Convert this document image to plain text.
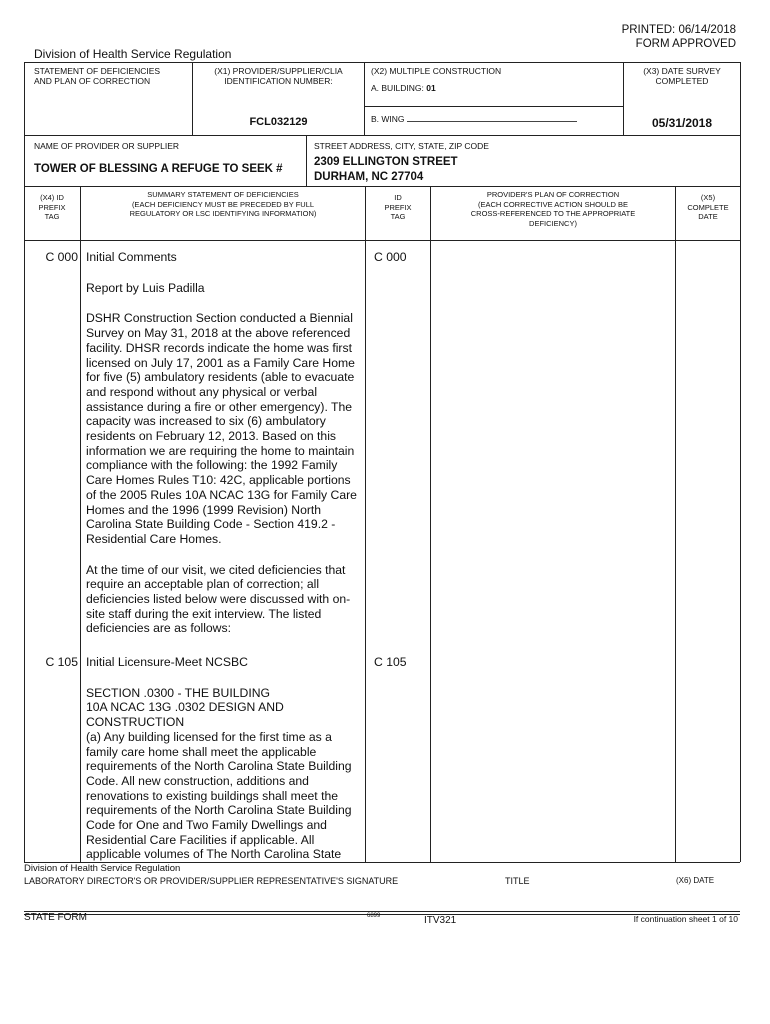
PRINTED: 06/14/2018
FORM APPROVED
Division of Health Service Regulation
STATEMENT OF DEFICIENCIES
AND PLAN OF CORRECTION
(X1) PROVIDER/SUPPLIER/CLIA
IDENTIFICATION NUMBER:
FCL032129
(X2) MULTIPLE CONSTRUCTION
A. BUILDING: 01
B. WING
(X3) DATE SURVEY
COMPLETED
05/31/2018
NAME OF PROVIDER OR SUPPLIER
TOWER OF BLESSING A REFUGE TO SEEK #
STREET ADDRESS, CITY, STATE, ZIP CODE
2309 ELLINGTON STREET
DURHAM, NC 27704
(X4) ID
PREFIX
TAG
SUMMARY STATEMENT OF DEFICIENCIES
(EACH DEFICIENCY MUST BE PRECEDED BY FULL
REGULATORY OR LSC IDENTIFYING INFORMATION)
ID
PREFIX
TAG
PROVIDER'S PLAN OF CORRECTION
(EACH CORRECTIVE ACTION SHOULD BE
CROSS-REFERENCED TO THE APPROPRIATE
DEFICIENCY)
(X5)
COMPLETE
DATE
C 000	C 000

Initial Comments

Report by Luis Padilla

DSHR Construction Section conducted a Biennial Survey on May 31, 2018 at the above referenced facility. DHSR records indicate the home was first licensed on July 17, 2001 as a Family Care Home for five (5) ambulatory residents (able to evacuate and respond without any physical or verbal assistance during a fire or other emergency). The capacity was increased to six (6) ambulatory residents on February 12, 2013. Based on this information we are requiring the home to maintain compliance with the following: the 1992 Family Care Homes Rules T10: 42C, applicable portions of the 2005 Rules 10A NCAC 13G for Family Care Homes and the 1996 (1999 Revision) North Carolina State Building Code - Section 419.2 - Residential Care Homes.

At the time of our visit, we cited deficiencies that require an acceptable plan of correction; all deficiencies listed below were discussed with on-site staff during the exit interview. The listed deficiencies are as follows:

C 105	C 105

Initial Licensure-Meet NCSBC

SECTION .0300 - THE BUILDING
10A NCAC 13G .0302 DESIGN AND CONSTRUCTION
(a) Any building licensed for the first time as a family care home shall meet the applicable requirements of the North Carolina State Building Code. All new construction, additions and renovations to existing buildings shall meet the requirements of the North Carolina State Building Code for One and Two Family Dwellings and Residential Care Facilities if applicable. All applicable volumes of The North Carolina State

Division of Health Service Regulation
LABORATORY DIRECTOR'S OR PROVIDER/SUPPLIER REPRESENTATIVE'S SIGNATURE	TITLE	(X6) DATE
STATE FORM	6899	ITV321	If continuation sheet 1 of 10
